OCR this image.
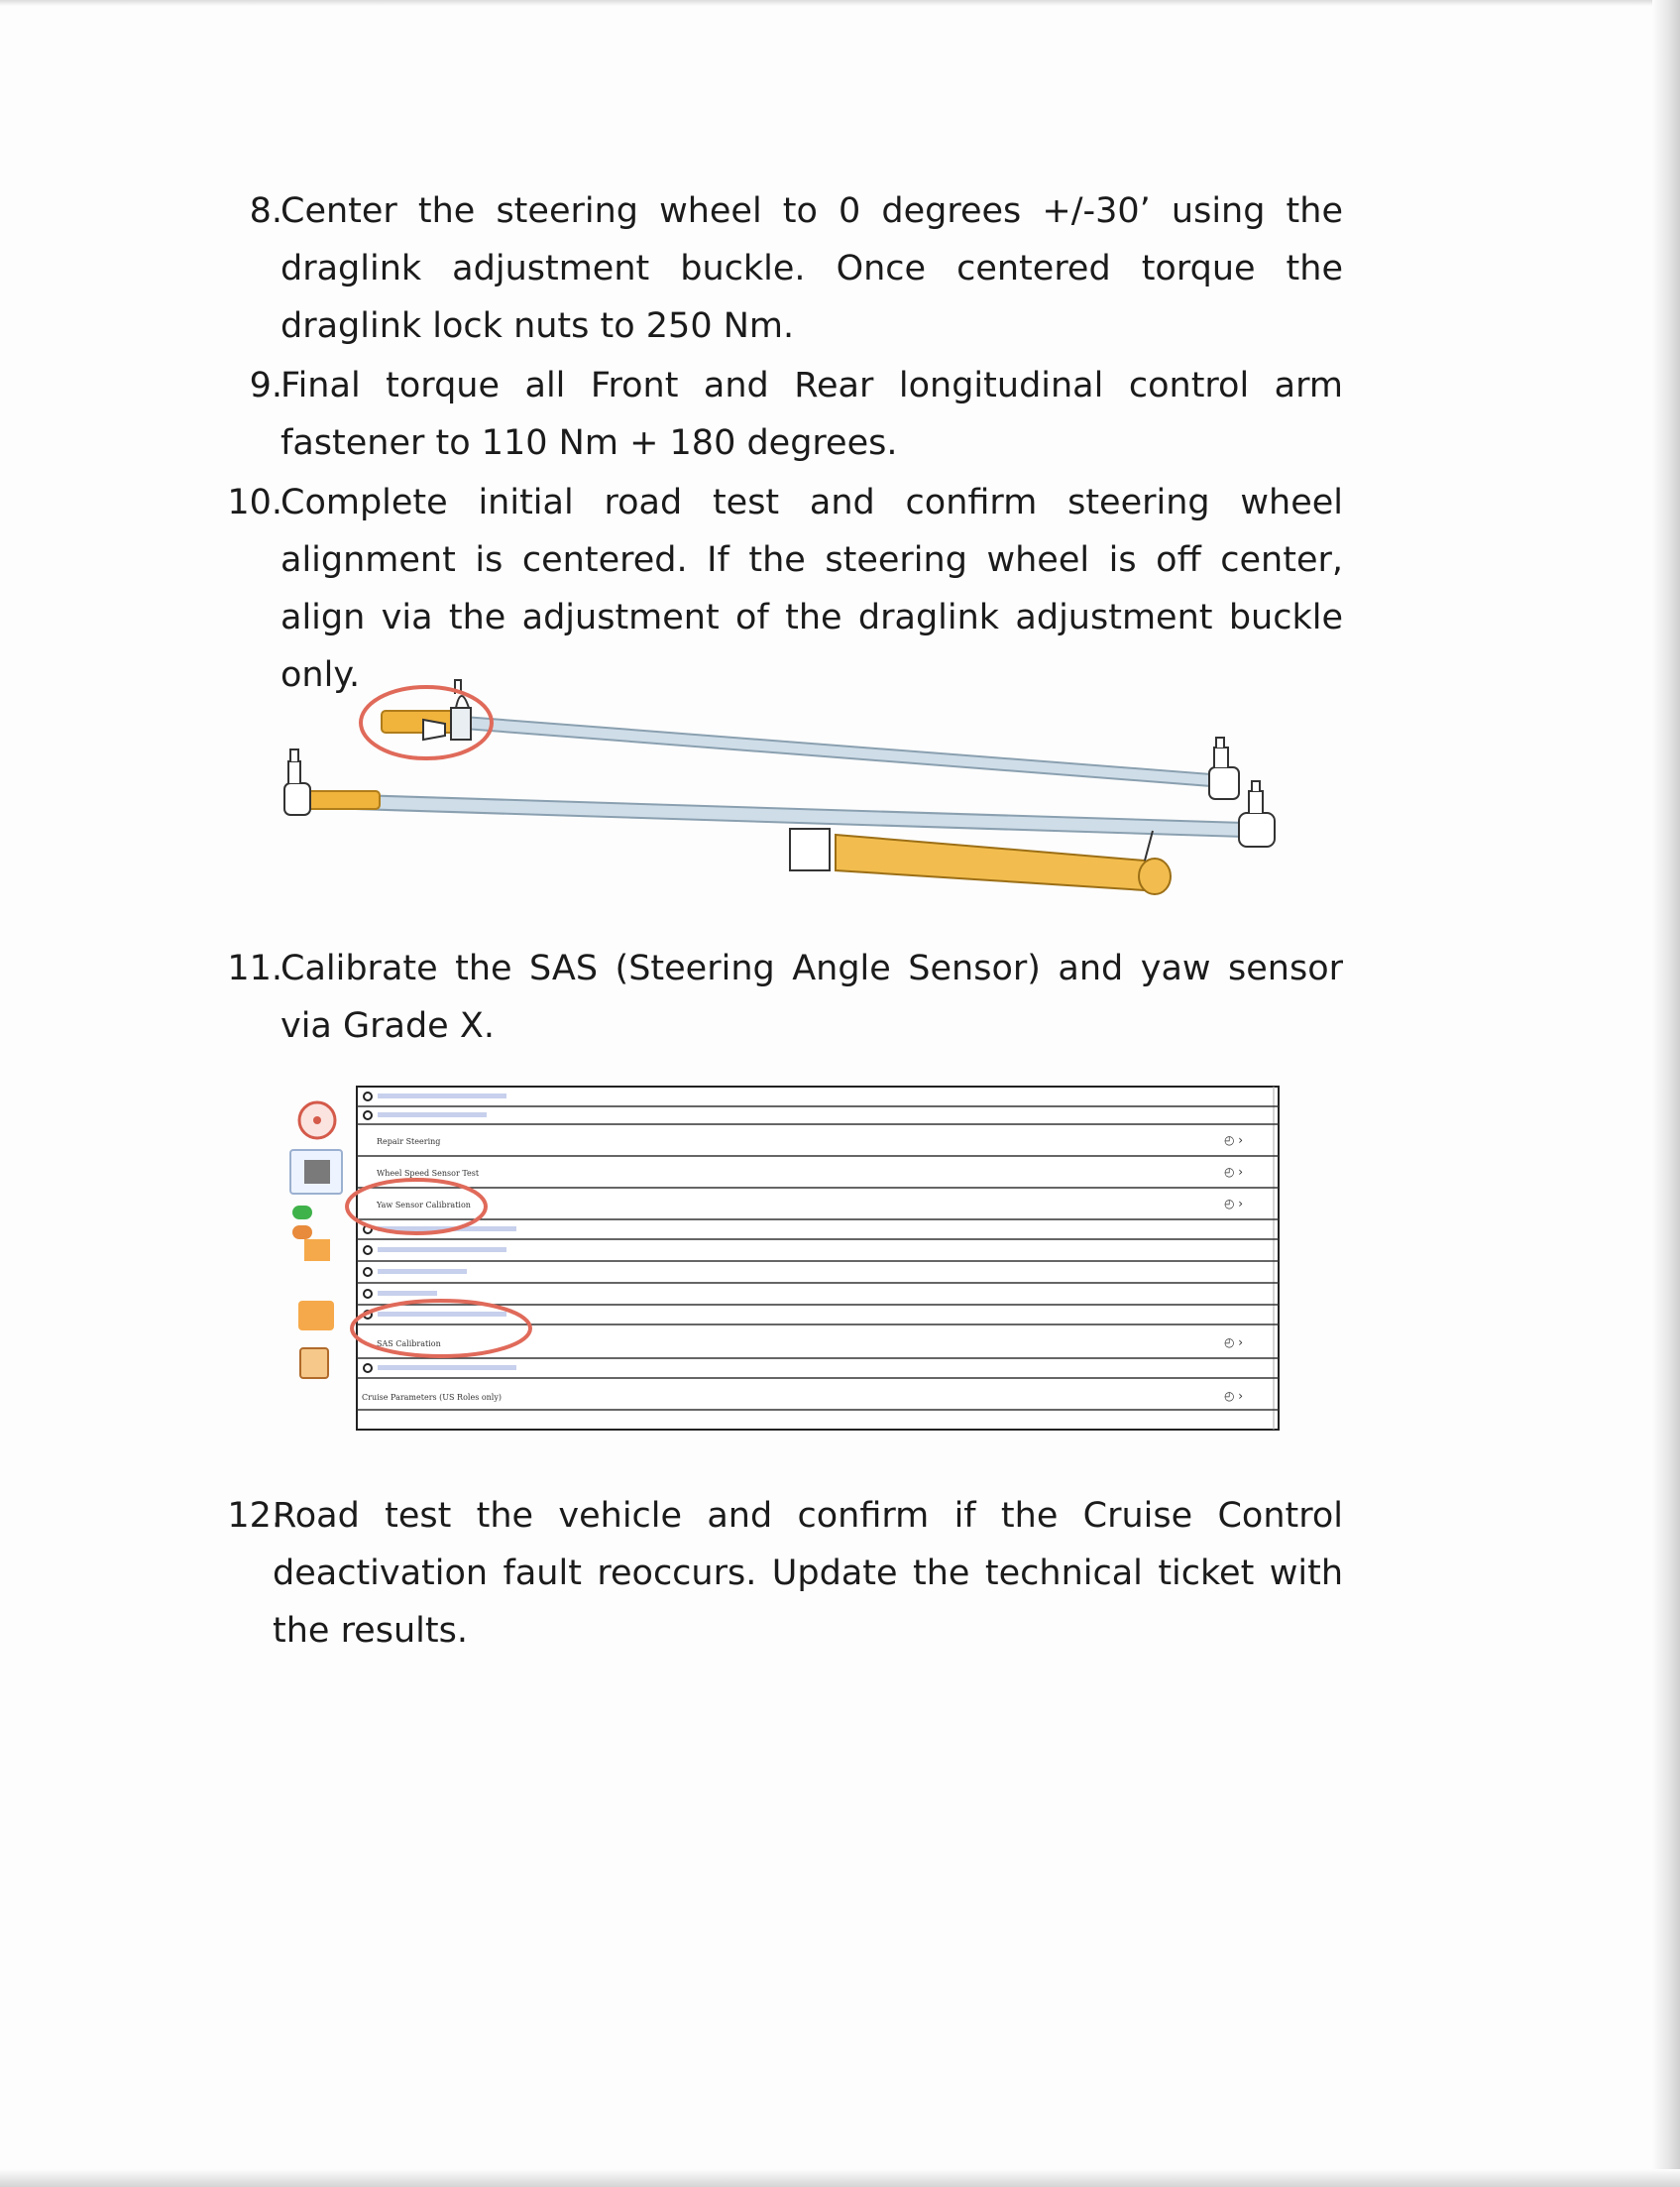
8.
Center the steering wheel to 0 degrees +/-30’ using the draglink adjustment buckle. Once centered torque the draglink lock nuts to 250 Nm.
9.
Final torque all Front and Rear longitudinal control arm fastener to 110 Nm + 180 degrees.
10.
Complete initial road test and confirm steering wheel alignment is centered. If the steering wheel is off center, align via the adjustment of the draglink adjustment buckle only.
11.
Calibrate the SAS (Steering Angle Sensor) and yaw sensor via Grade X.
Repair Steering	◴ ›
Wheel Speed Sensor Test	◴ ›
Yaw Sensor Calibration	◴ ›
SAS Calibration	◴ ›
Cruise Parameters (US Roles only)	◴ ›
12.
Road test the vehicle and confirm if the Cruise Control deactivation fault reoccurs. Update the technical ticket with the results.
